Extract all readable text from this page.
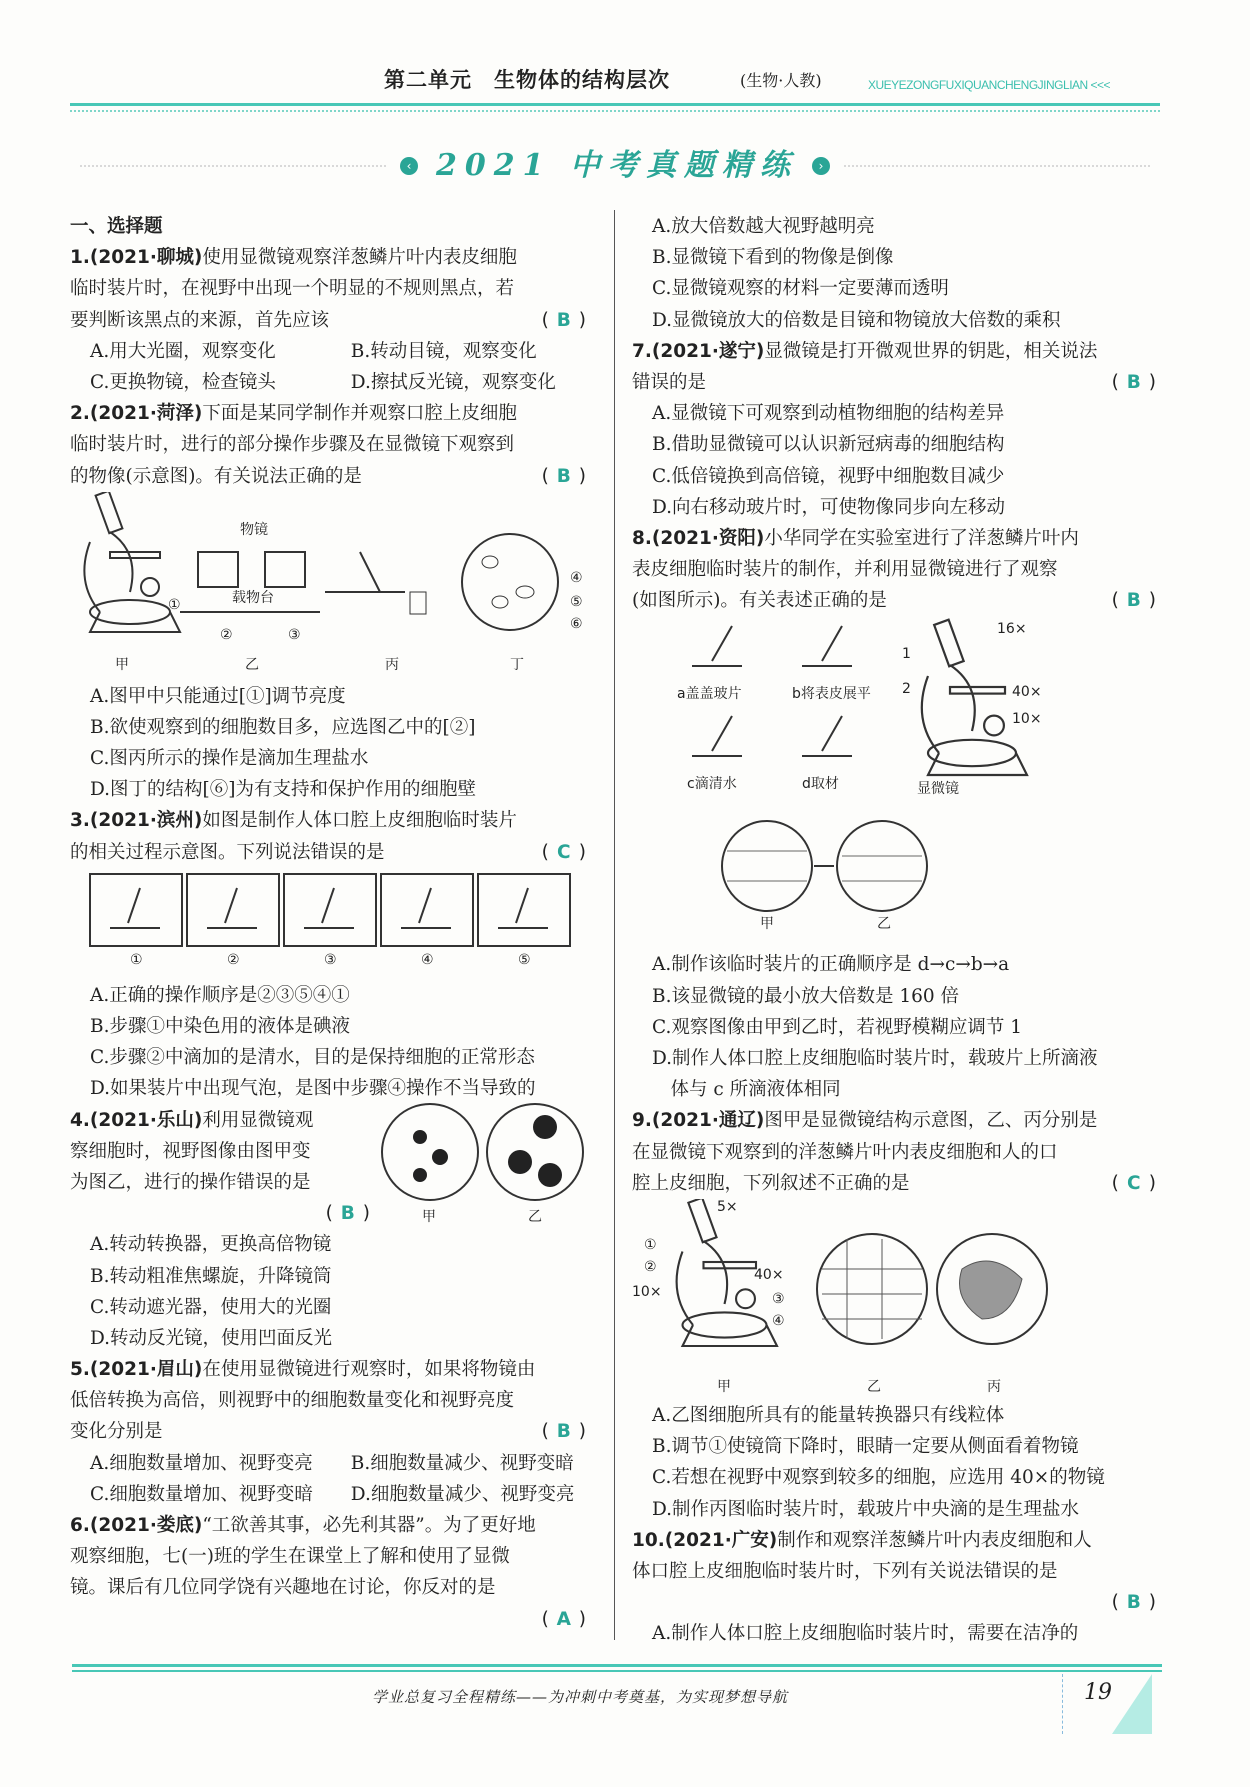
第二单元　生物体的结构层次	(生物·人教)	XUEYEZONGFUXIQUANCHENGJINGLIAN <<<
‹ 2021 中考真题精练	›
一、选择题
1.(2021·聊城)使用显微镜观察洋葱鳞片叶内表皮细胞
临时装片时，在视野中出现一个明显的不规则黑点，若
要判断该黑点的来源，首先应该	( B )
A.用大光圈，观察变化	B.转动目镜，观察变化
C.更换物镜，检查镜头	D.擦拭反光镜，观察变化
2.(2021·菏泽)下面是某同学制作并观察口腔上皮细胞
临时装片时，进行的部分操作步骤及在显微镜下观察到
的物像(示意图)。有关说法正确的是	( B )
甲	乙	丙	丁
物镜
载物台
①
②	③
④
⑤
⑥
A.图甲中只能通过[①]调节亮度
B.欲使观察到的细胞数目多，应选图乙中的[②]
C.图丙所示的操作是滴加生理盐水
D.图丁的结构[⑥]为有支持和保护作用的细胞壁
3.(2021·滨州)如图是制作人体口腔上皮细胞临时装片
的相关过程示意图。下列说法错误的是	( C )
①	②	③	④	⑤
A.正确的操作顺序是②③⑤④①
B.步骤①中染色用的液体是碘液
C.步骤②中滴加的是清水，目的是保持细胞的正常形态
D.如果装片中出现气泡，是图中步骤④操作不当导致的
4.(2021·乐山)利用显微镜观
甲	乙
察细胞时，视野图像由图甲变
为图乙，进行的操作错误的是
( B )
A.转动转换器，更换高倍物镜
B.转动粗准焦螺旋，升降镜筒
C.转动遮光器，使用大的光圈
D.转动反光镜，使用凹面反光
5.(2021·眉山)在使用显微镜进行观察时，如果将物镜由
低倍转换为高倍，则视野中的细胞数量变化和视野亮度
变化分别是	( B )
A.细胞数量增加、视野变亮 B.细胞数量减少、视野变暗
C.细胞数量增加、视野变暗 D.细胞数量减少、视野变亮
6.(2021·娄底)“工欲善其事，必先利其器”。为了更好地
观察细胞，七(一)班的学生在课堂上了解和使用了显微
镜。课后有几位同学饶有兴趣地在讨论，你反对的是
( A )
A.放大倍数越大视野越明亮
B.显微镜下看到的物像是倒像
C.显微镜观察的材料一定要薄而透明
D.显微镜放大的倍数是目镜和物镜放大倍数的乘积
7.(2021·遂宁)显微镜是打开微观世界的钥匙，相关说法
错误的是	( B )
A.显微镜下可观察到动植物细胞的结构差异
B.借助显微镜可以认识新冠病毒的细胞结构
C.低倍镜换到高倍镜，视野中细胞数目减少
D.向右移动玻片时，可使物像同步向左移动
8.(2021·资阳)小华同学在实验室进行了洋葱鳞片叶内
表皮细胞临时装片的制作，并利用显微镜进行了观察
(如图所示)。有关表述正确的是	( B )
a盖盖玻片	b将表皮展平
c滴清水	d取材	显微镜
16×
40×
10×
1
2
甲	乙
A.制作该临时装片的正确顺序是 d→c→b→a
B.该显微镜的最小放大倍数是 160 倍
C.观察图像由甲到乙时，若视野模糊应调节 1
D.制作人体口腔上皮细胞临时装片时，载玻片上所滴液
　体与 c 所滴液体相同
9.(2021·通辽)图甲是显微镜结构示意图，乙、丙分别是
在显微镜下观察到的洋葱鳞片叶内表皮细胞和人的口
腔上皮细胞，下列叙述不正确的是	( C )
5×
①
②
10×
40×
③
④
甲	乙	丙
A.乙图细胞所具有的能量转换器只有线粒体
B.调节①使镜筒下降时，眼睛一定要从侧面看着物镜
C.若想在视野中观察到较多的细胞，应选用 40×的物镜
D.制作丙图临时装片时，载玻片中央滴的是生理盐水
10.(2021·广安)制作和观察洋葱鳞片叶内表皮细胞和人
体口腔上皮细胞临时装片时，下列有关说法错误的是
( B )
A.制作人体口腔上皮细胞临时装片时，需要在洁净的
学业总复习全程精练——为冲刺中考奠基，为实现梦想导航	19
